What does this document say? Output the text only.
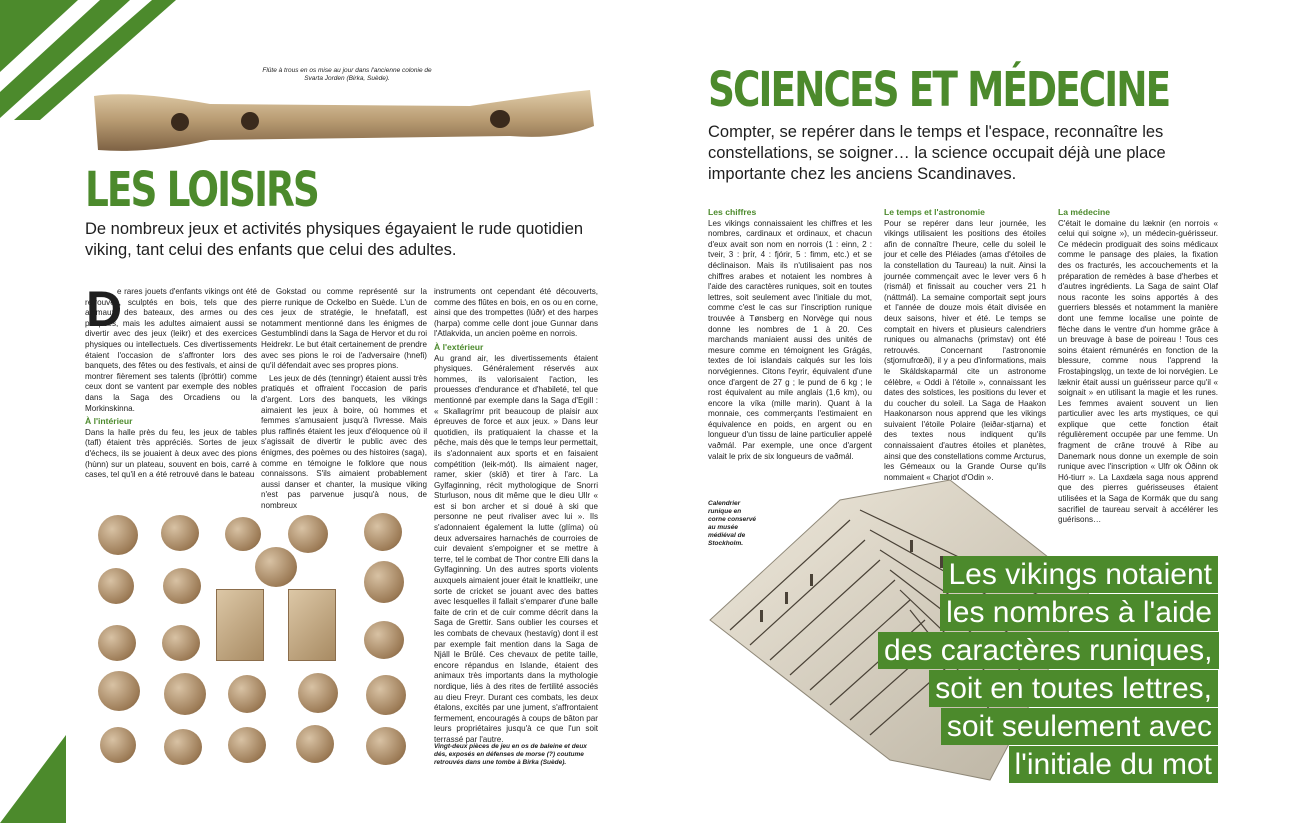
48
Flûte à trous en os mise au jour dans l'ancienne colonie de Svarta Jorden (Birka, Suède).
LES LOISIRS
De nombreux jeux et activités physiques égayaient le rude quotidien viking, tant celui des enfants que celui des adultes.
D

e rares jouets d'enfants vikings ont été retrouvés, sculptés en bois, tels que des animaux, des bateaux, des armes ou des poupées, mais les adultes aimaient aussi se divertir avec des jeux (leikr) et des exercices physiques ou intellectuels. Ces divertissements étaient l'occasion de s'affronter lors des banquets, des fêtes ou des festivals, et ainsi de montrer fièrement ses talents (íþróttir) comme ceux dont se vantent par exemple des nobles dans la Saga des Orcadiens ou la Morkinskinna.

À l'intérieur

Dans la halle près du feu, les jeux de tables (tafl) étaient très appréciés. Sortes de jeux d'échecs, ils se jouaient à deux avec des pions (hùnn) sur un plateau, souvent en bois, carré à cases, tel qu'il en a été retrouvé dans le bateau

de Gokstad ou comme représenté sur la pierre runique de Ockelbo en Suède. L'un de ces jeux de stratégie, le hnefatafl, est notamment mentionné dans les énigmes de Gestumblindi dans la Saga de Hervor et du roi Heidrekr. Le but était certainement de prendre avec ses pions le roi de l'adversaire (hnefi) qu'il défendait avec ses propres pions.

Les jeux de dés (tenningr) étaient aussi très pratiqués et offraient l'occasion de paris d'argent. Lors des banquets, les vikings aimaient les jeux à boire, où hommes et femmes s'amusaient jusqu'à l'ivresse. Mais plus raffinés étaient les jeux d'éloquence où il s'agissait de divertir le public avec des énigmes, des poèmes ou des histoires (saga), comme en témoigne le folklore que nous connaissons. S'ils aimaient probablement aussi danser et chanter, la musique viking n'est pas parvenue jusqu'à nous, de nombreux

instruments ont cependant été découverts, comme des flûtes en bois, en os ou en corne, ainsi que des trompettes (lúðr) et des harpes (harpa) comme celle dont joue Gunnar dans l'Atlakvida, un ancien poème en norrois.

À l'extérieur

Au grand air, les divertissements étaient physiques. Généralement réservés aux hommes, ils valorisaient l'action, les prouesses d'endurance et d'habileté, tel que mentionné par exemple dans la Saga d'Egill : « Skallagrímr prit beaucoup de plaisir aux épreuves de force et aux jeux. » Dans leur quotidien, ils pratiquaient la chasse et la pêche, mais dès que le temps leur permettait, ils s'adonnaient aux sports et en faisaient compétition (leik-mót). Ils aimaient nager, ramer, skier (skíð) et tirer à l'arc. La Gylfaginning, récit mythologique de Snorri Sturluson, nous dit même que le dieu Ullr « est si bon archer et si doué à ski que personne ne peut rivaliser avec lui ». Ils s'adonnaient également la lutte (glíma) où deux adversaires harnachés de courroies de cuir devaient s'empoigner et se mettre à terre, tel le combat de Thor contre Elli dans la Gylfaginning. Un des autres sports violents auxquels aimaient jouer était le knattleikr, une sorte de cricket se jouant avec des battes avec lesquelles il fallait s'emparer d'une balle faite de crin et de cuir comme décrit dans la Saga de Grettir. Sans oublier les courses et les combats de chevaux (hestavíg) dont il est par exemple fait mention dans la Saga de Njáll le Brûlé. Ces chevaux de petite taille, encore répandus en Islande, étaient des animaux très importants dans la mythologie nordique, liés à des rites de fertilité associés au dieu Freyr. Durant ces combats, les deux étalons, excités par une jument, s'affrontaient fermement, encouragés à coups de bâton par leurs propriétaires jusqu'à ce que l'un soit terrassé par l'autre.

Vingt-deux pièces de jeu en os de baleine et deux dés, exposés en défenses de morse (?) coutume retrouvés dans une tombe à Birka (Suède).
SCIENCES ET MÉDECINE
Compter, se repérer dans le temps et l'espace, reconnaître les constellations, se soigner… la science occupait déjà une place importante chez les anciens Scandinaves.
Les chiffres

Les vikings connaissaient les chiffres et les nombres, cardinaux et ordinaux, et chacun d'eux avait son nom en norrois (1 : einn, 2 : tveir, 3 : þrír, 4 : fjórir, 5 : fimm, etc.) et se déclinaison. Mais ils n'utilisaient pas nos chiffres arabes et notaient les nombres à l'aide des caractères runiques, soit en toutes lettres, soit seulement avec l'initiale du mot, comme c'est le cas sur l'inscription runique trouvée à Tønsberg en Norvège qui nous donne les nombres de 1 à 20. Ces marchands maniaient aussi des unités de mesure comme en témoignent les Grágás, textes de loi islandais calqués sur les lois norvégiennes. Citons l'eyrir, équivalent d'une once d'argent de 27 g ; le pund de 6 kg ; le rost équivalent au mile anglais (1,6 km), ou encore la víka (mille marin). Quant à la monnaie, ces commerçants l'estimaient en équivalence en poids, en argent ou en longueur d'un tissu de laine particulier appelé vaðmál. Par exemple, une once d'argent valait le prix de six longueurs de vaðmál.

Le temps et l'astronomie

Pour se repérer dans leur journée, les vikings utilisaient les positions des étoiles afin de connaître l'heure, celle du soleil le jour et celle des Pléiades (amas d'étoiles de la constellation du Taureau) la nuit. Ainsi la journée commençait avec le lever vers 6 h (rismál) et finissait au coucher vers 21 h (náttmál). La semaine comportait sept jours et l'année de douze mois était divisée en deux saisons, hiver et été. Le temps se comptait en hivers et plusieurs calendriers runiques ou almanachs (primstav) ont été retrouvés. Concernant l'astronomie (stjornufrœði), il y a peu d'informations, mais le Skáldskaparmál cite un astronome célèbre, « Oddi à l'étoile », connaissant les dates des solstices, les positions du lever et du coucher du soleil. La Saga de Haakon Haakonarson nous apprend que les vikings suivaient l'étoile Polaire (leiðar-stjarna) et des textes nous indiquent qu'ils connaissaient d'autres étoiles et planètes, ainsi que des constellations comme Arcturus, les Gémeaux ou la Grande Ourse qu'ils nommaient « Chariot d'Odin ».

La médecine

C'était le domaine du læknir (en norrois « celui qui soigne »), un médecin-guérisseur. Ce médecin prodiguait des soins médicaux comme le pansage des plaies, la fixation des os fracturés, les accouchements et la préparation de remèdes à base d'herbes et d'autres ingrédients. La Saga de saint Olaf nous raconte les soins apportés à des guerriers blessés et notamment la manière dont une femme localise une pointe de flèche dans le ventre d'un homme grâce à un breuvage à base de poireau ! Tous ces soins étaient rémunérés en fonction de la blessure, comme nous l'apprend la Frostaþingslǫg, un texte de loi norvégien. Le læknir était aussi un guérisseur parce qu'il « soignait » en utilisant la magie et les runes. Les femmes avaient souvent un lien particulier avec les arts mystiques, ce qui explique que cette fonction était régulièrement occupée par une femme. Un fragment de crâne trouvé à Ribe au Danemark nous donne un exemple de soin runique avec l'inscription « Ulfr ok Óðinn ok Hó-tiurr ». La Laxdæla saga nous apprend que des pierres guérisseuses étaient utilisées et la Saga de Kormák que du sang sacrifiel de taureau servait à accélérer les guérisons…

Calendrier runique en corne conservé au musée médiéval de Stockholm.
Les vikings notaient
les nombres à l'aide
des caractères runiques,
soit en toutes lettres,
soit seulement avec
l'initiale du mot
